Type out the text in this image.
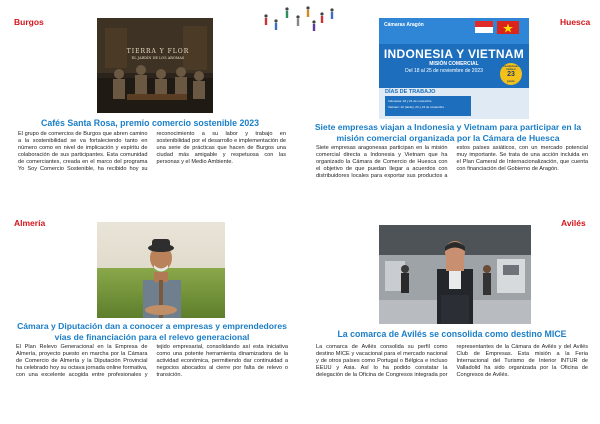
Burgos
TIERRA Y FLOR
EL JARDÍN DE LOS AROMAS
Cafés Santa Rosa, premio comercio sostenible 2023
El grupo de comercios de Burgos que abren camino a la sostenibilidad se va fortaleciendo tanto en número como en nivel de implicación y espíritu de colaboración de sus participantes. Esta comunidad de comerciantes, creada en el marco del programa Yo Soy Comercio Sostenible, ha recibido hoy su reconocimiento a su labor y trabajo en sostenibilidad por el desarrollo e implementación de una serie de prácticas que hacen de Burgos una ciudad más amigable y respetuosa con las personas y el Medio Ambiente.
Huesca
Cámaras Aragón
INDONESIA Y VIETNAM
MISIÓN COMERCIAL
Del 18 al 25 de noviembre de 2023
Inscripciones hasta el
23
junio
DÍAS DE TRABAJO
Indonesia: 18 y 21 de noviembre
Vietnam: 22 (tarde), 23 y 24 de noviembre
Siete empresas viajan a Indonesia y Vietnam para participar en la misión comercial organizada por la Cámara de Huesca
Siete empresas aragonesas participan en la misión comercial directa a Indonesia y Vietnam que ha organizado la Cámara de Comercio de Huesca con el objetivo de que puedan llegar a acuerdos con distribuidores locales para exportar sus productos a estos países asiáticos, con un mercado potencial muy importante. Se trata de una acción incluida en el Plan Cameral de Internacionalización, que cuenta con financiación del Gobierno de Aragón.
Almería
Cámara y Diputación dan a conocer a empresas y emprendedores vías de financiación para el relevo generacional
El Plan Relevo Generacional en la Empresa de Almería, proyecto puesto en marcha por la Cámara de Comercio de Almería y la Diputación Provincial ha celebrado hoy su octava jornada online formativa, con una excelente acogida entre profesionales y tejido empresarial, consolidando así esta iniciativa como una potente herramienta dinamizadora de la actividad económica, permitiendo dar continuidad a negocios abocados al cierre por falta de relevo o transición.
Avilés
La comarca de Avilés se consolida como destino MICE
La comarca de Avilés consolida su perfil como destino MICE y vacacional para el mercado nacional y de otros países como Portugal o Bélgica e incluso EEUU y Asia. Así lo ha podido constatar la delegación de la Oficina de Congresos integrada por representantes de la Cámara de Avilés y del Avilés Club de Empresas. Esta misión a la Feria Internacional del Turismo de Interior INTUR de Valladolid ha sido organizada por la Oficina de Congresos de Avilés.
